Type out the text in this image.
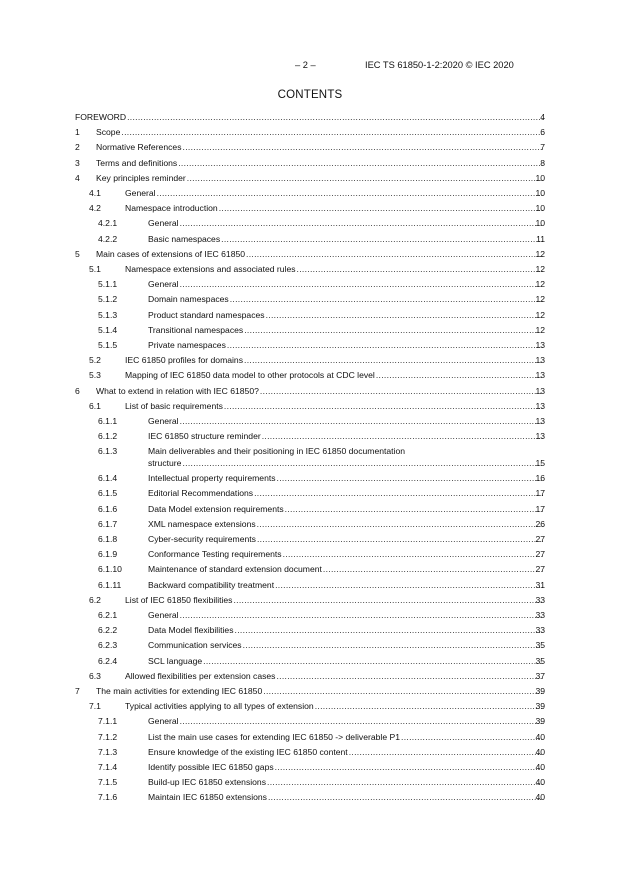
– 2 –	IEC TS 61850-1-2:2020 © IEC 2020
CONTENTS
FOREWORD .....	4
1 Scope .....	6
2 Normative References .....	7
3 Terms and definitions .....	8
4 Key principles reminder .....	10
4.1	General .....	10
4.2	Namespace introduction .....	10
4.2.1	General .....	10
4.2.2	Basic namespaces .....	11
5 Main cases of extensions of IEC 61850 .....	12
5.1	Namespace extensions and associated rules .....	12
5.1.1	General .....	12
5.1.2	Domain namespaces .....	12
5.1.3	Product standard namespaces .....	12
5.1.4	Transitional namespaces .....	12
5.1.5	Private namespaces .....	13
5.2	IEC 61850 profiles for domains .....	13
5.3	Mapping of IEC 61850 data model to other protocols at CDC level .....	13
6 What to extend in relation with IEC 61850? .....	13
6.1	List of basic requirements .....	13
6.1.1	General .....	13
6.1.2	IEC 61850 structure reminder .....	13
6.1.3	Main deliverables and their positioning in IEC 61850 documentation
structure .....	15
6.1.4	Intellectual property requirements .....	16
6.1.5	Editorial Recommendations .....	17
6.1.6	Data Model extension requirements .....	17
6.1.7	XML namespace extensions .....	26
6.1.8	Cyber-security requirements .....	27
6.1.9	Conformance Testing requirements .....	27
6.1.10	Maintenance of standard extension document .....	27
6.1.11	Backward compatibility treatment .....	31
6.2	List of IEC 61850 flexibilities .....	33
6.2.1	General .....	33
6.2.2	Data Model flexibilities .....	33
6.2.3	Communication services .....	35
6.2.4	SCL language .....	35
6.3	Allowed flexibilities per extension cases .....	37
7 The main activities for extending IEC 61850 .....	39
7.1	Typical activities applying to all types of extension .....	39
7.1.1	General .....	39
7.1.2	List the main use cases for extending IEC 61850 -> deliverable P1 .....	40
7.1.3	Ensure knowledge of the existing IEC 61850 content .....	40
7.1.4	Identify possible IEC 61850 gaps .....	40
7.1.5	Build-up IEC 61850 extensions .....	40
7.1.6	Maintain IEC 61850 extensions .....	40
